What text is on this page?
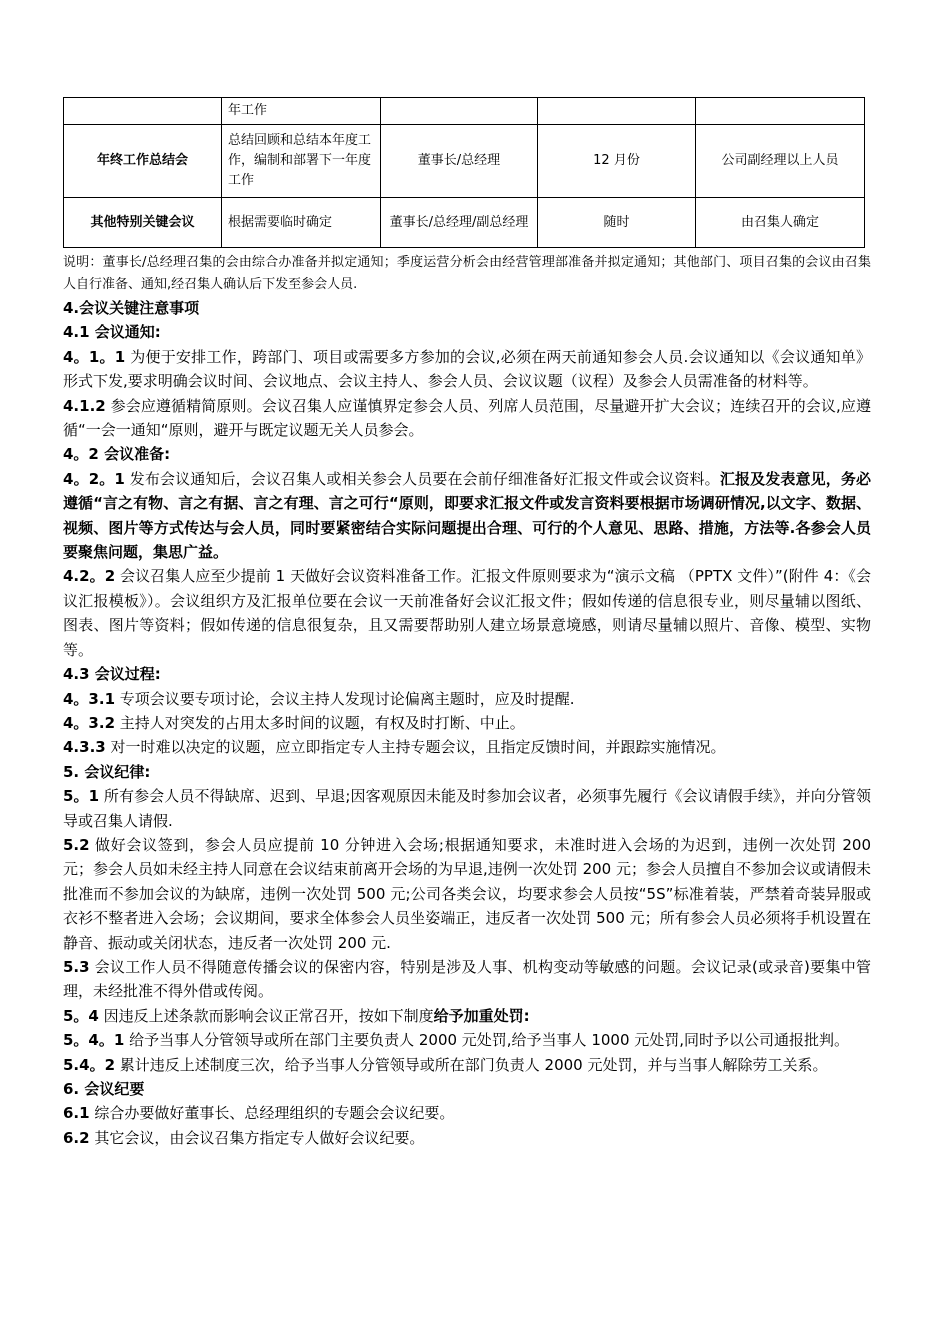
	年工作			
年终工作总结会	总结回顾和总结本年度工作，编制和部署下一年度工作	董事长/总经理	12 月份	公司副经理以上人员
其他特别关键会议	根据需要临时确定	董事长/总经理/副总经理	随时	由召集人确定

说明：董事长/总经理召集的会由综合办准备并拟定通知；季度运营分析会由经营管理部准备并拟定通知；其他部门、项目召集的会议由召集人自行准备、通知,经召集人确认后下发至参会人员.

4.会议关键注意事项

4.1 会议通知:

4。1。1 为便于安排工作，跨部门、项目或需要多方参加的会议,必须在两天前通知参会人员.会议通知以《会议通知单》形式下发,要求明确会议时间、会议地点、会议主持人、参会人员、会议议题（议程）及参会人员需准备的材料等。

4.1.2 参会应遵循精简原则。会议召集人应谨慎界定参会人员、列席人员范围，尽量避开扩大会议；连续召开的会议,应遵循“一会一通知“原则，避开与既定议题无关人员参会。

4。2 会议准备:

4。2。1 发布会议通知后，会议召集人或相关参会人员要在会前仔细准备好汇报文件或会议资料。汇报及发表意见，务必遵循“言之有物、言之有据、言之有理、言之可行“原则，即要求汇报文件或发言资料要根据市场调研情况,以文字、数据、视频、图片等方式传达与会人员，同时要紧密结合实际问题提出合理、可行的个人意见、思路、措施，方法等.各参会人员要聚焦问题，集思广益。

4.2。2 会议召集人应至少提前 1 天做好会议资料准备工作。汇报文件原则要求为“演示文稿 （PPTX 文件）”(附件 4：《会议汇报模板》）。会议组织方及汇报单位要在会议一天前准备好会议汇报文件；假如传递的信息很专业，则尽量辅以图纸、图表、图片等资料；假如传递的信息很复杂，且又需要帮助别人建立场景意境感，则请尽量辅以照片、音像、模型、实物等。

4.3 会议过程:

4。3.1 专项会议要专项讨论，会议主持人发现讨论偏离主题时，应及时提醒.

4。3.2 主持人对突发的占用太多时间的议题，有权及时打断、中止。

4.3.3 对一时难以决定的议题，应立即指定专人主持专题会议，且指定反馈时间，并跟踪实施情况。

5. 会议纪律:

5。1 所有参会人员不得缺席、迟到、早退;因客观原因未能及时参加会议者，必须事先履行《会议请假手续》，并向分管领导或召集人请假.

5.2 做好会议签到，参会人员应提前 10 分钟进入会场;根据通知要求，未准时进入会场的为迟到，违例一次处罚 200 元；参会人员如未经主持人同意在会议结束前离开会场的为早退,违例一次处罚 200 元；参会人员擅自不参加会议或请假未批准而不参加会议的为缺席，违例一次处罚 500 元;公司各类会议，均要求参会人员按“5S”标准着装，严禁着奇装异服或衣衫不整者进入会场；会议期间，要求全体参会人员坐姿端正，违反者一次处罚 500 元；所有参会人员必须将手机设置在静音、振动或关闭状态，违反者一次处罚 200 元.

5.3 会议工作人员不得随意传播会议的保密内容，特别是涉及人事、机构变动等敏感的问题。会议记录(或录音)要集中管理，未经批准不得外借或传阅。

5。4 因违反上述条款而影响会议正常召开，按如下制度给予加重处罚:

5。4。1 给予当事人分管领导或所在部门主要负责人 2000 元处罚,给予当事人 1000 元处罚,同时予以公司通报批判。

5.4。2 累计违反上述制度三次，给予当事人分管领导或所在部门负责人 2000 元处罚，并与当事人解除劳工关系。

6. 会议纪要

6.1 综合办要做好董事长、总经理组织的专题会会议纪要。

6.2 其它会议，由会议召集方指定专人做好会议纪要。
